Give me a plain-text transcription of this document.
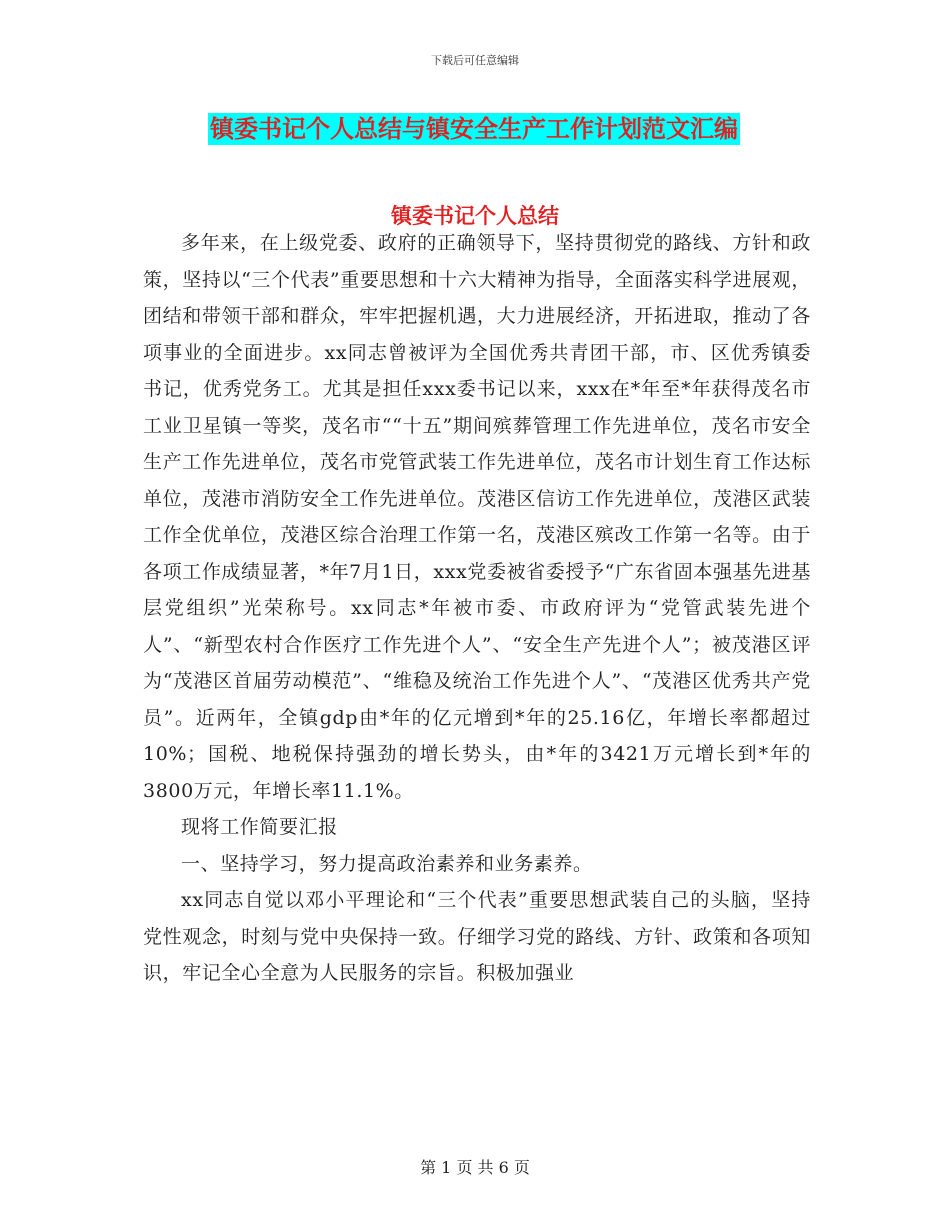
下载后可任意编辑
镇委书记个人总结与镇安全生产工作计划范文汇编
镇委书记个人总结

多年来，在上级党委、政府的正确领导下，坚持贯彻党的路线、方针和政策，坚持以“三个代表”重要思想和十六大精神为指导，全面落实科学进展观，团结和带领干部和群众，牢牢把握机遇，大力进展经济，开拓进取，推动了各项事业的全面进步。xx同志曾被评为全国优秀共青团干部，市、区优秀镇委书记，优秀党务工。尤其是担任xxx委书记以来，xxx在*年至*年获得茂名市工业卫星镇一等奖，茂名市““十五”期间殡葬管理工作先进单位，茂名市安全生产工作先进单位，茂名市党管武装工作先进单位，茂名市计划生育工作达标单位，茂港市消防安全工作先进单位。茂港区信访工作先进单位，茂港区武装工作全优单位，茂港区综合治理工作第一名，茂港区殡改工作第一名等。由于各项工作成绩显著，*年7月1日，xxx党委被省委授予“广东省固本强基先进基层党组织”光荣称号。xx同志*年被市委、市政府评为“党管武装先进个人”、“新型农村合作医疗工作先进个人”、“安全生产先进个人”；被茂港区评为“茂港区首届劳动模范”、“维稳及统治工作先进个人”、“茂港区优秀共产党员”。近两年，全镇gdp由*年的亿元增到*年的25.16亿，年增长率都超过10%；国税、地税保持强劲的增长势头，由*年的3421万元增长到*年的3800万元，年增长率11.1%。

现将工作简要汇报

一、坚持学习，努力提高政治素养和业务素养。

xx同志自觉以邓小平理论和“三个代表”重要思想武装自己的头脑，坚持党性观念，时刻与党中央保持一致。仔细学习党的路线、方针、政策和各项知识，牢记全心全意为人民服务的宗旨。积极加强业

第 1 页 共 6 页
